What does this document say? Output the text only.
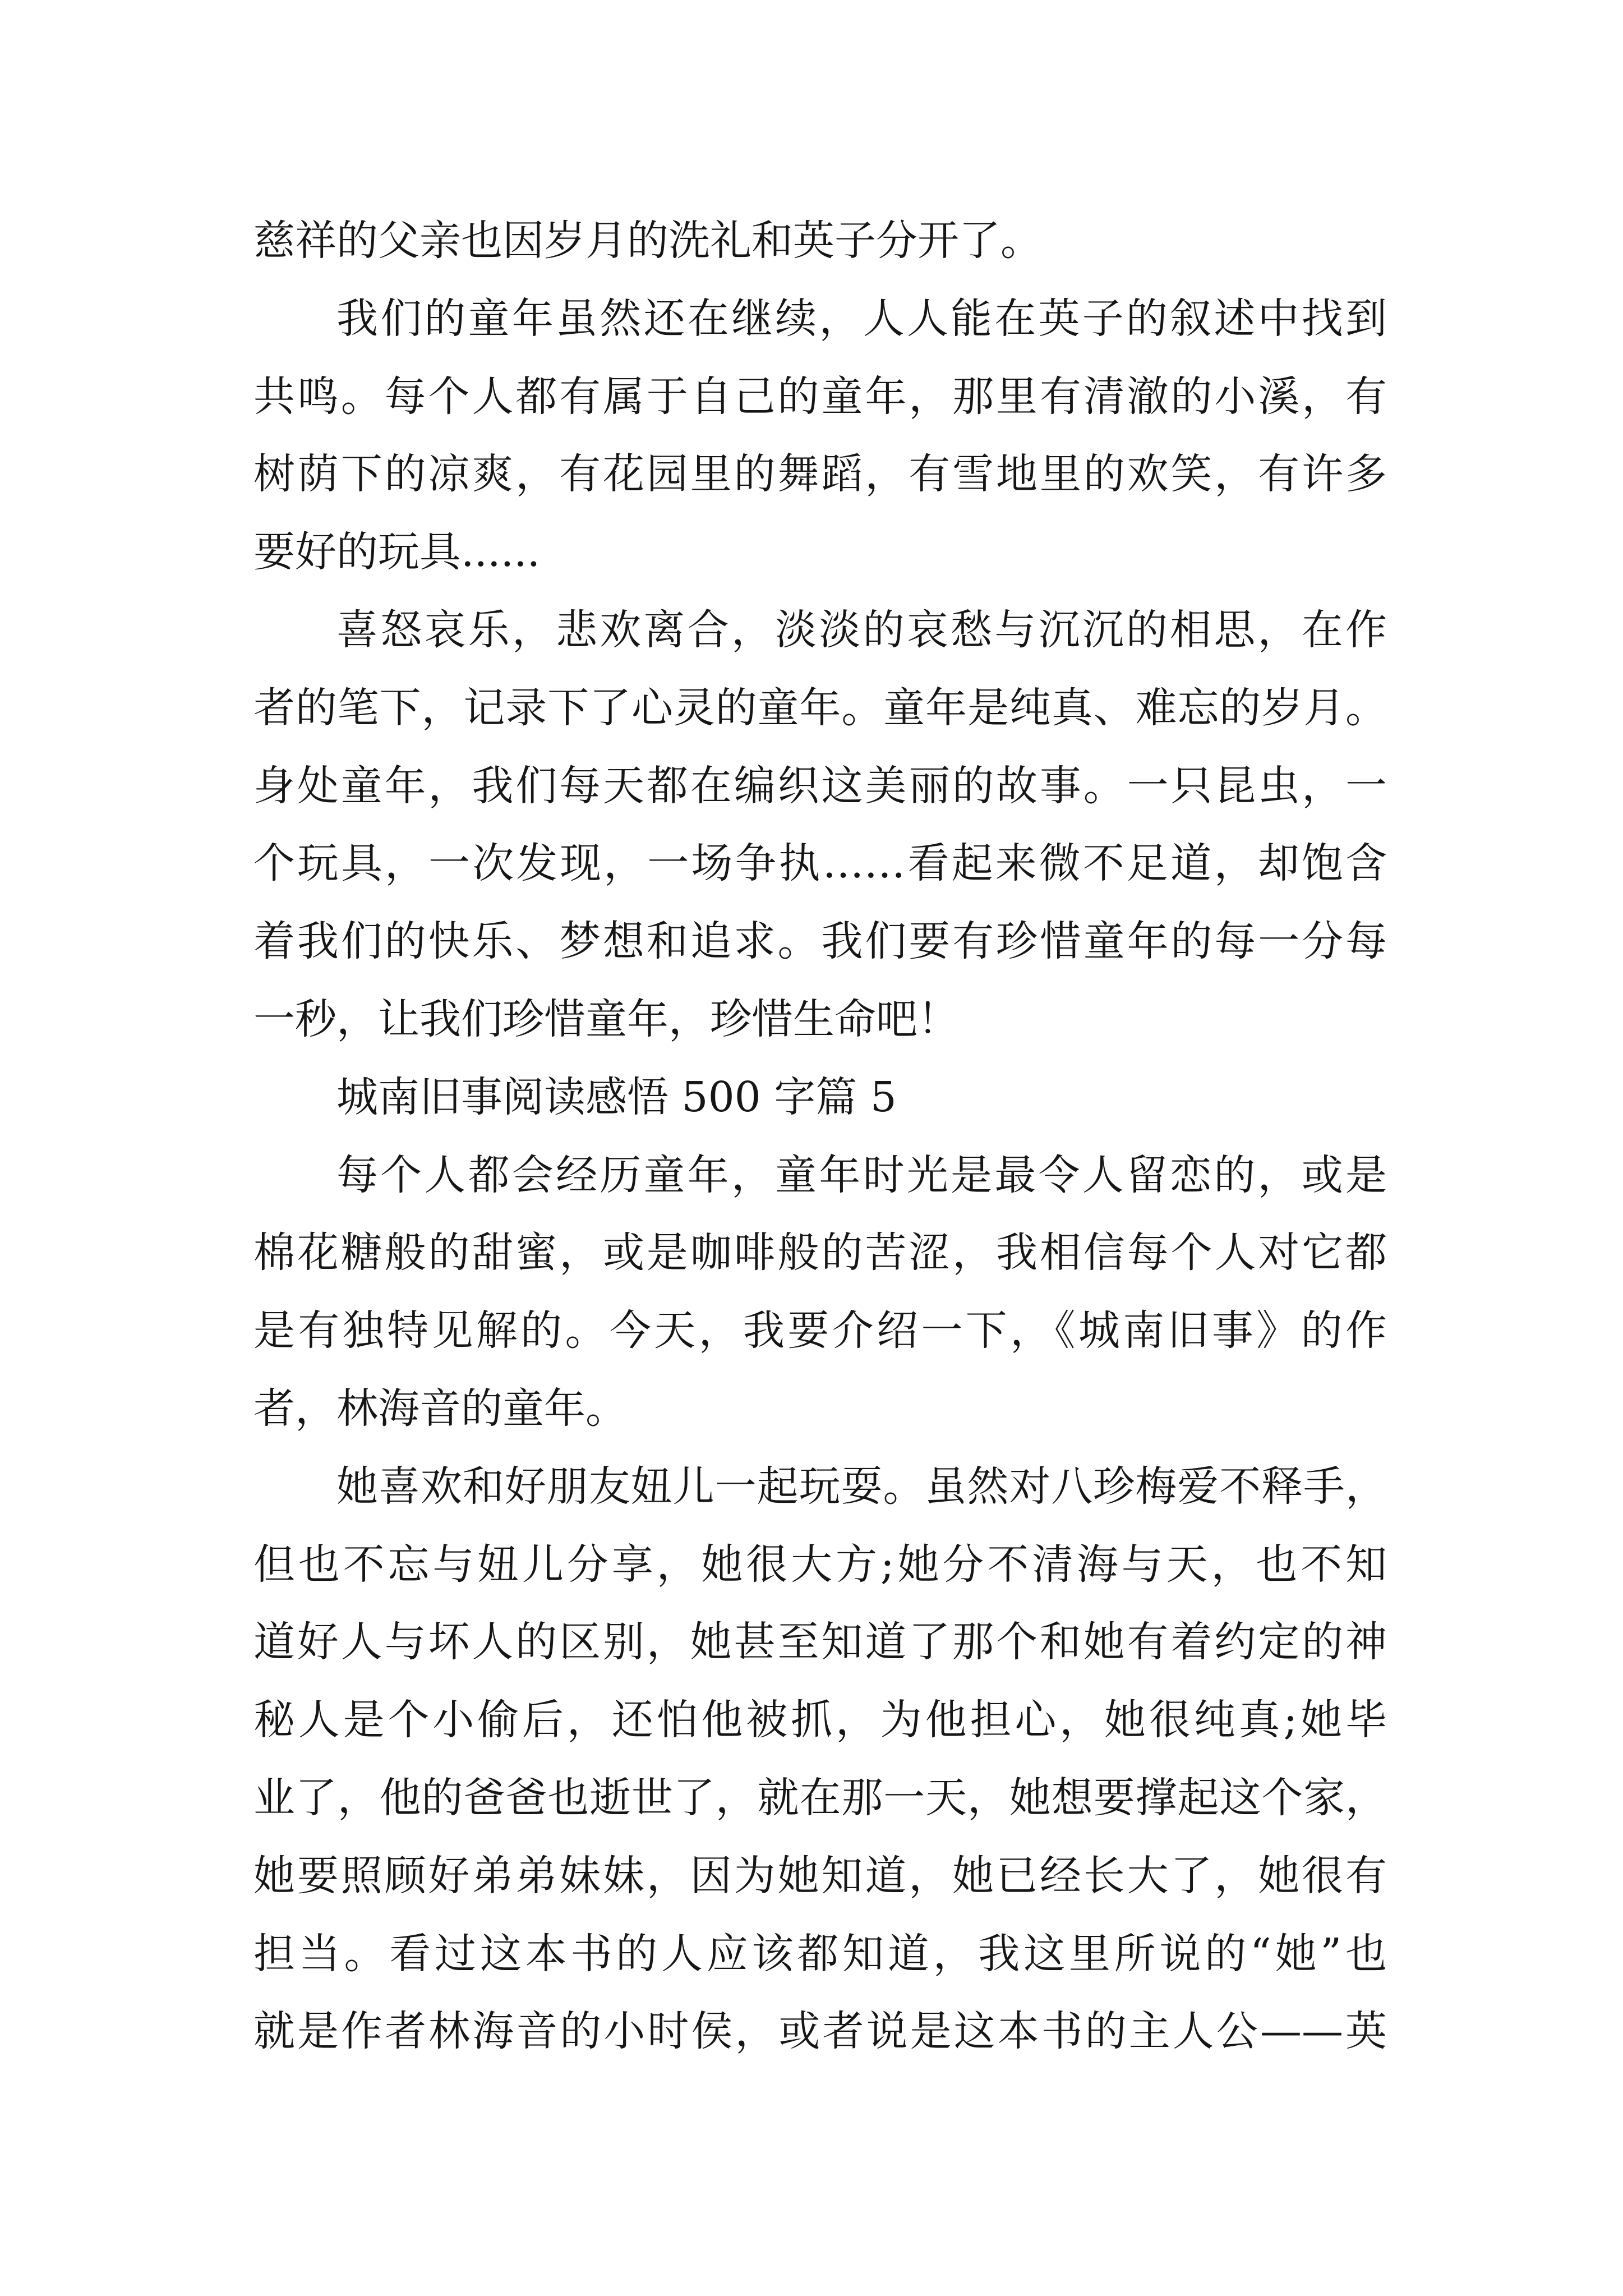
慈祥的父亲也因岁月的洗礼和英子分开了。
我们的童年虽然还在继续，人人能在英子的叙述中找到
共鸣。每个人都有属于自己的童年，那里有清澈的小溪，有
树荫下的凉爽，有花园里的舞蹈，有雪地里的欢笑，有许多
要好的玩具......
喜怒哀乐，悲欢离合，淡淡的哀愁与沉沉的相思，在作
者的笔下，记录下了心灵的童年。童年是纯真、难忘的岁月。
身处童年，我们每天都在编织这美丽的故事。一只昆虫，一
个玩具，一次发现，一场争执……看起来微不足道，却饱含
着我们的快乐、梦想和追求。我们要有珍惜童年的每一分每
一秒，让我们珍惜童年，珍惜生命吧！
城南旧事阅读感悟 500 字篇 5
每个人都会经历童年，童年时光是最令人留恋的，或是
棉花糖般的甜蜜，或是咖啡般的苦涩，我相信每个人对它都
是有独特见解的。今天，我要介绍一下，《城南旧事》的作
者，林海音的童年。
她喜欢和好朋友妞儿一起玩耍。虽然对八珍梅爱不释手，
但也不忘与妞儿分享，她很大方;她分不清海与天，也不知
道好人与坏人的区别，她甚至知道了那个和她有着约定的神
秘人是个小偷后，还怕他被抓，为他担心，她很纯真;她毕
业了，他的爸爸也逝世了，就在那一天，她想要撑起这个家，
她要照顾好弟弟妹妹，因为她知道，她已经长大了，她很有
担当。看过这本书的人应该都知道，我这里所说的“她”也
就是作者林海音的小时侯，或者说是这本书的主人公——英
